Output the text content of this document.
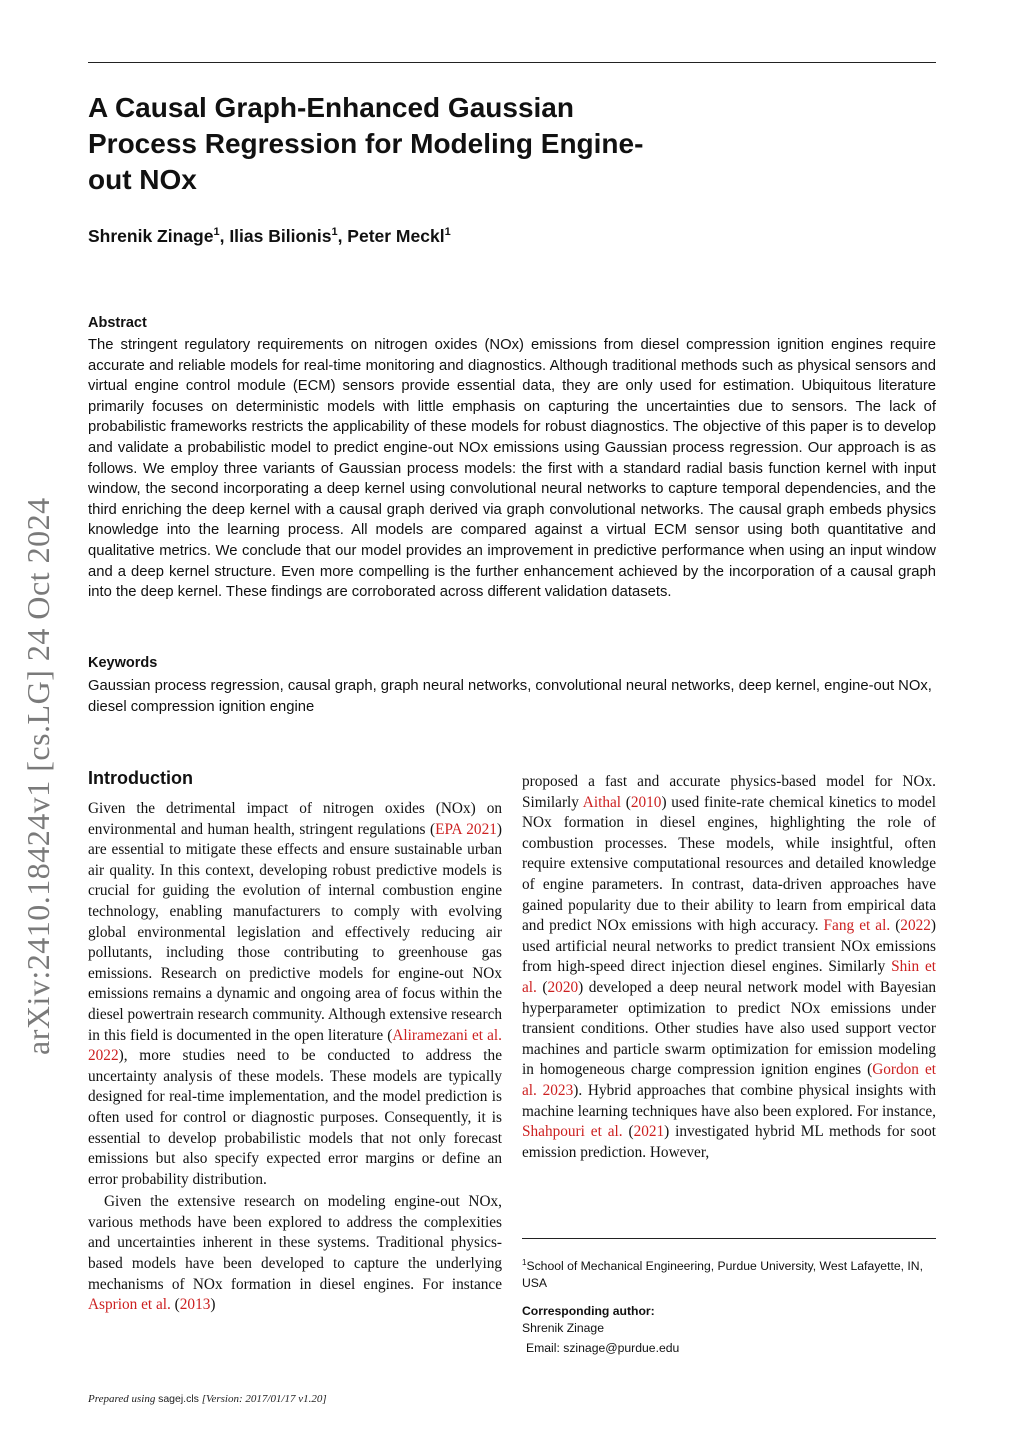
A Causal Graph-Enhanced Gaussian Process Regression for Modeling Engine-out NOx

Shrenik Zinage$^1$, Ilias Bilionis$^1$, Peter Meckl$^1$

arXiv:2410.18424v1 [cs.LG] 24 Oct 2024
Abstract

The stringent regulatory requirements on nitrogen oxides (NOx) emissions from diesel compression ignition engines require accurate and reliable models for real-time monitoring and diagnostics. Although traditional methods such as physical sensors and virtual engine control module (ECM) sensors provide essential data, they are only used for estimation. Ubiquitous literature primarily focuses on deterministic models with little emphasis on capturing the uncertainties due to sensors. The lack of probabilistic frameworks restricts the applicability of these models for robust diagnostics. The objective of this paper is to develop and validate a probabilistic model to predict engine-out NOx emissions using Gaussian process regression. Our approach is as follows. We employ three variants of Gaussian process models: the first with a standard radial basis function kernel with input window, the second incorporating a deep kernel using convolutional neural networks to capture temporal dependencies, and the third enriching the deep kernel with a causal graph derived via graph convolutional networks. The causal graph embeds physics knowledge into the learning process. All models are compared against a virtual ECM sensor using both quantitative and qualitative metrics. We conclude that our model provides an improvement in predictive performance when using an input window and a deep kernel structure. Even more compelling is the further enhancement achieved by the incorporation of a causal graph into the deep kernel. These findings are corroborated across different validation datasets.

Keywords

Gaussian process regression, causal graph, graph neural networks, convolutional neural networks, deep kernel, engine-out NOx, diesel compression ignition engine

Introduction

Given the detrimental impact of nitrogen oxides (NOx) on environmental and human health, stringent regulations (EPA 2021) are essential to mitigate these effects and ensure sustainable urban air quality. In this context, developing robust predictive models is crucial for guiding the evolution of internal combustion engine technology, enabling manufacturers to comply with evolving global environmental legislation and effectively reducing air pollutants, including those contributing to greenhouse gas emissions. Research on predictive models for engine-out NOx emissions remains a dynamic and ongoing area of focus within the diesel powertrain research community. Although extensive research in this field is documented in the open literature (Aliramezani et al. 2022), more studies need to be conducted to address the uncertainty analysis of these models. These models are typically designed for real-time implementation, and the model prediction is often used for control or diagnostic purposes. Consequently, it is essential to develop probabilistic models that not only forecast emissions but also specify expected error margins or define an error probability distribution.

Given the extensive research on modeling engine-out NOx, various methods have been explored to address the complexities and uncertainties inherent in these systems. Traditional physics-based models have been developed to capture the underlying mechanisms of NOx formation in diesel engines. For instance Asprion et al. (2013)

proposed a fast and accurate physics-based model for NOx. Similarly Aithal (2010) used finite-rate chemical kinetics to model NOx formation in diesel engines, highlighting the role of combustion processes. These models, while insightful, often require extensive computational resources and detailed knowledge of engine parameters. In contrast, data-driven approaches have gained popularity due to their ability to learn from empirical data and predict NOx emissions with high accuracy. Fang et al. (2022) used artificial neural networks to predict transient NOx emissions from high-speed direct injection diesel engines. Similarly Shin et al. (2020) developed a deep neural network model with Bayesian hyperparameter optimization to predict NOx emissions under transient conditions. Other studies have also used support vector machines and particle swarm optimization for emission modeling in homogeneous charge compression ignition engines (Gordon et al. 2023). Hybrid approaches that combine physical insights with machine learning techniques have also been explored. For instance, Shahpouri et al. (2021) investigated hybrid ML methods for soot emission prediction. However,

$^1$School of Mechanical Engineering, Purdue University, West Lafayette, IN, USA

Corresponding author:

Shrenik Zinage

Email: szinage@purdue.edu

Prepared using sagej.cls [Version: 2017/01/17 v1.20]
